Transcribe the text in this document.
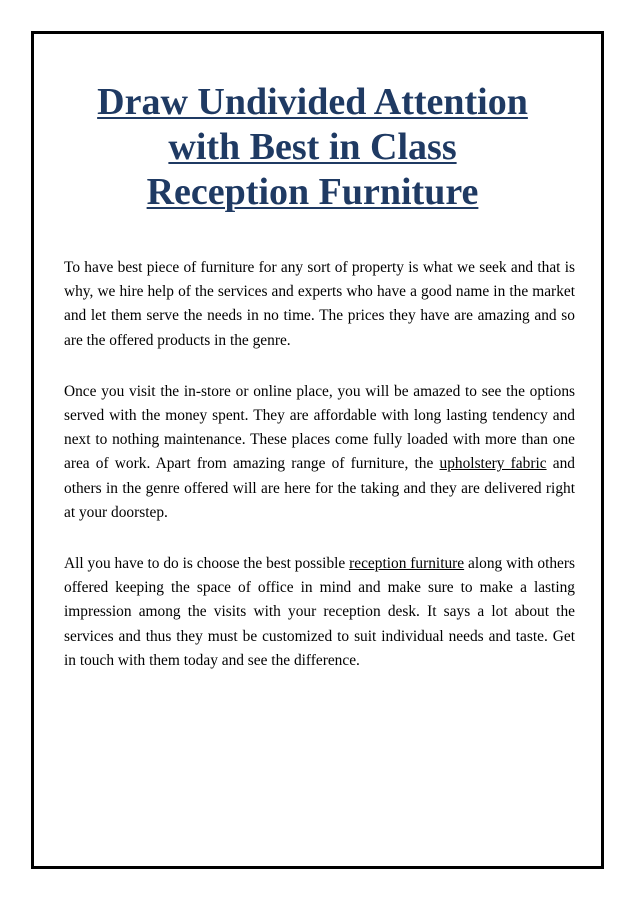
Draw Undivided Attention
with Best in Class
Reception Furniture

To have best piece of furniture for any sort of property is what we seek and that is why, we hire help of the services and experts who have a good name in the market and let them serve the needs in no time. The prices they have are amazing and so are the offered products in the genre.

Once you visit the in-store or online place, you will be amazed to see the options served with the money spent. They are affordable with long lasting tendency and next to nothing maintenance. These places come fully loaded with more than one area of work. Apart from amazing range of furniture, the upholstery fabric and others in the genre offered will are here for the taking and they are delivered right at your doorstep.

All you have to do is choose the best possible reception furniture along with others offered keeping the space of office in mind and make sure to make a lasting impression among the visits with your reception desk. It says a lot about the services and thus they must be customized to suit individual needs and taste. Get in touch with them today and see the difference.
